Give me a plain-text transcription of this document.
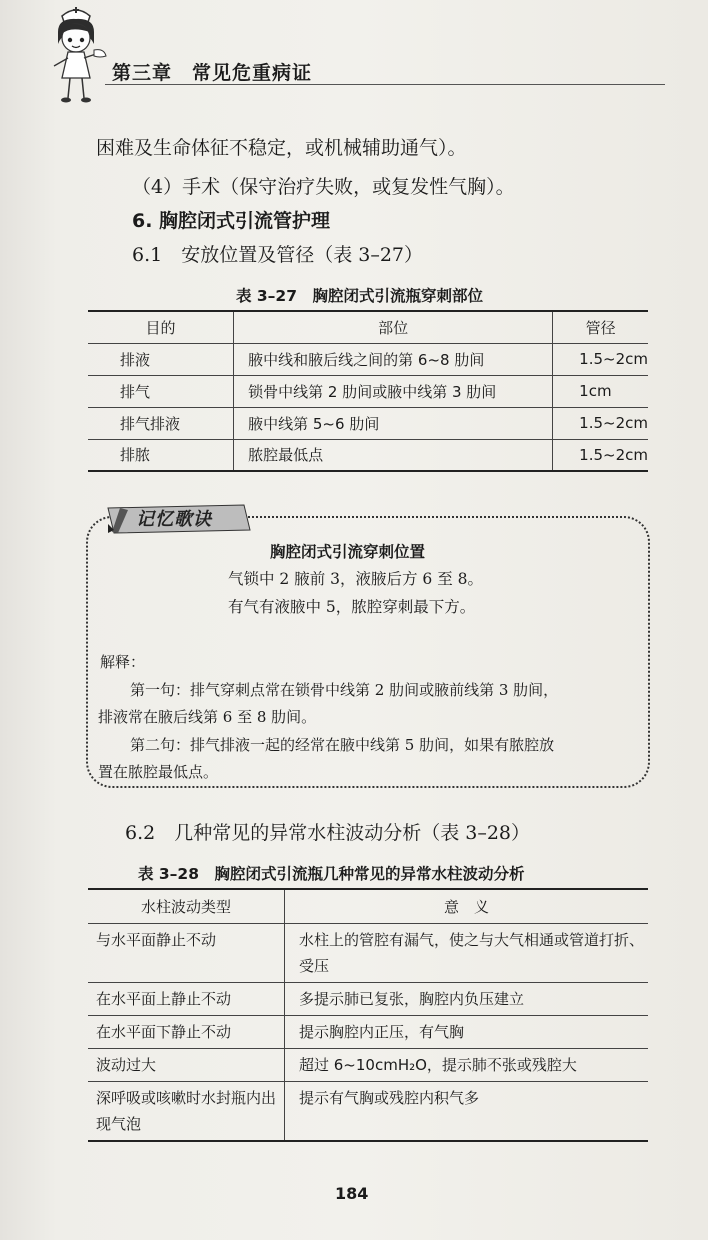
第三章　常见危重病证
困难及生命体征不稳定，或机械辅助通气）。
（4）手术（保守治疗失败，或复发性气胸）。
6. 胸腔闭式引流管护理
6.1　安放位置及管径（表 3–27）
表 3–27　胸腔闭式引流瓶穿刺部位
目的	部位	管径
排液	腋中线和腋后线之间的第 6~8 肋间	1.5~2cm
排气	锁骨中线第 2 肋间或腋中线第 3 肋间	1cm
排气排液	腋中线第 5~6 肋间	1.5~2cm
排脓	脓腔最低点	1.5~2cm
记忆歌诀
胸腔闭式引流穿刺位置
气锁中 2 腋前 3，液腋后方 6 至 8。
有气有液腋中 5，脓腔穿刺最下方。
解释：
第一句：排气穿刺点常在锁骨中线第 2 肋间或腋前线第 3 肋间，
排液常在腋后线第 6 至 8 肋间。
第二句：排气排液一起的经常在腋中线第 5 肋间，如果有脓腔放
置在脓腔最低点。
6.2　几种常见的异常水柱波动分析（表 3–28）
表 3–28　胸腔闭式引流瓶几种常见的异常水柱波动分析
水柱波动类型	意　义
与水平面静止不动	水柱上的管腔有漏气，使之与大气相通或管道打折、受压
在水平面上静止不动	多提示肺已复张，胸腔内负压建立
在水平面下静止不动	提示胸腔内正压，有气胸
波动过大	超过 6~10cmH₂O，提示肺不张或残腔大
深呼吸或咳嗽时水封瓶内出现气泡	提示有气胸或残腔内积气多
184
